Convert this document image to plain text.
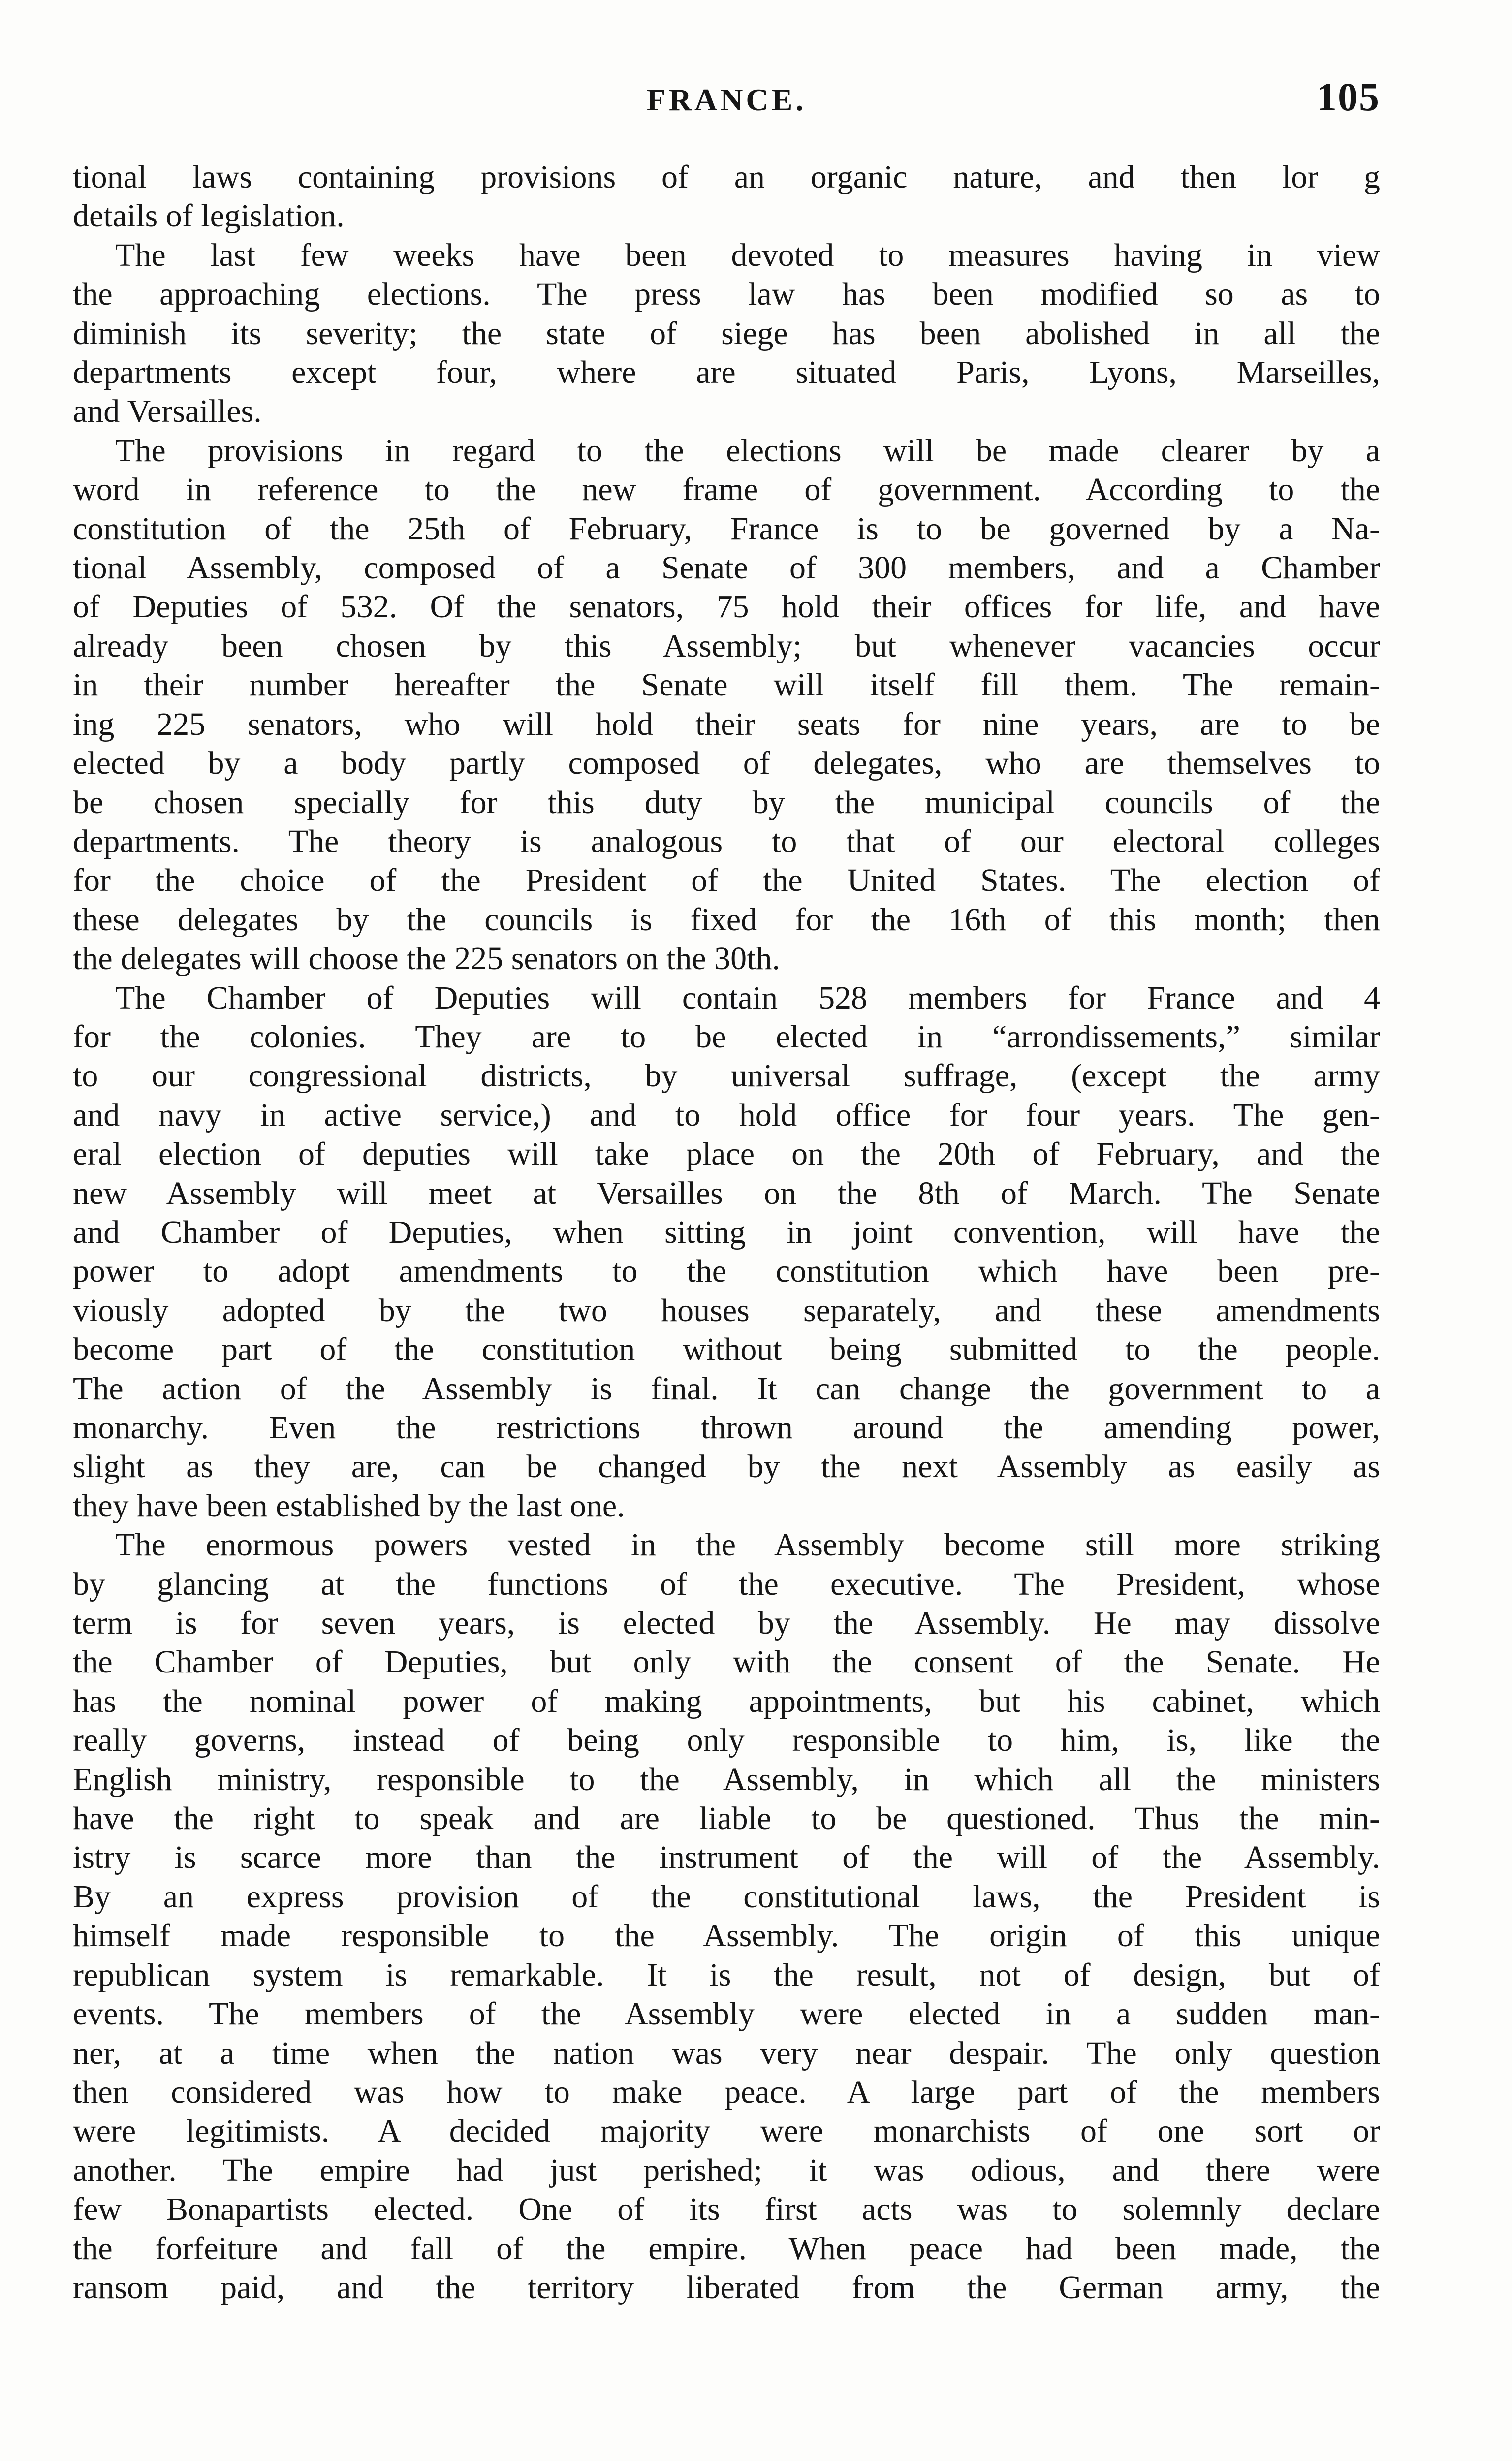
FRANCE.	105
tional laws containing provisions of an organic nature, and then lor g
details of legislation.
The last few weeks have been devoted to measures having in view
the approaching elections. The press law has been modified so as to
diminish its severity; the state of siege has been abolished in all the
departments except four, where are situated Paris, Lyons, Marseilles,
and Versailles.
The provisions in regard to the elections will be made clearer by a
word in reference to the new frame of government. According to the
constitution of the 25th of February, France is to be governed by a Na-
tional Assembly, composed of a Senate of 300 members, and a Chamber
of Deputies of 532. Of the senators, 75 hold their offices for life, and have
already been chosen by this Assembly; but whenever vacancies occur
in their number hereafter the Senate will itself fill them. The remain-
ing 225 senators, who will hold their seats for nine years, are to be
elected by a body partly composed of delegates, who are themselves to
be chosen specially for this duty by the municipal councils of the
departments. The theory is analogous to that of our electoral colleges
for the choice of the President of the United States. The election of
these delegates by the councils is fixed for the 16th of this month; then
the delegates will choose the 225 senators on the 30th.
The Chamber of Deputies will contain 528 members for France and 4
for the colonies. They are to be elected in “arrondissements,” similar
to our congressional districts, by universal suffrage, (except the army
and navy in active service,) and to hold office for four years. The gen-
eral election of deputies will take place on the 20th of February, and the
new Assembly will meet at Versailles on the 8th of March. The Senate
and Chamber of Deputies, when sitting in joint convention, will have the
power to adopt amendments to the constitution which have been pre-
viously adopted by the two houses separately, and these amendments
become part of the constitution without being submitted to the people.
The action of the Assembly is final. It can change the government to a
monarchy. Even the restrictions thrown around the amending power,
slight as they are, can be changed by the next Assembly as easily as
they have been established by the last one.
The enormous powers vested in the Assembly become still more striking
by glancing at the functions of the executive. The President, whose
term is for seven years, is elected by the Assembly. He may dissolve
the Chamber of Deputies, but only with the consent of the Senate. He
has the nominal power of making appointments, but his cabinet, which
really governs, instead of being only responsible to him, is, like the
English ministry, responsible to the Assembly, in which all the ministers
have the right to speak and are liable to be questioned. Thus the min-
istry is scarce more than the instrument of the will of the Assembly.
By an express provision of the constitutional laws, the President is
himself made responsible to the Assembly. The origin of this unique
republican system is remarkable. It is the result, not of design, but of
events. The members of the Assembly were elected in a sudden man-
ner, at a time when the nation was very near despair. The only question
then considered was how to make peace. A large part of the members
were legitimists. A decided majority were monarchists of one sort or
another. The empire had just perished; it was odious, and there were
few Bonapartists elected. One of its first acts was to solemnly declare
the forfeiture and fall of the empire. When peace had been made, the
ransom paid, and the territory liberated from the German army, the
